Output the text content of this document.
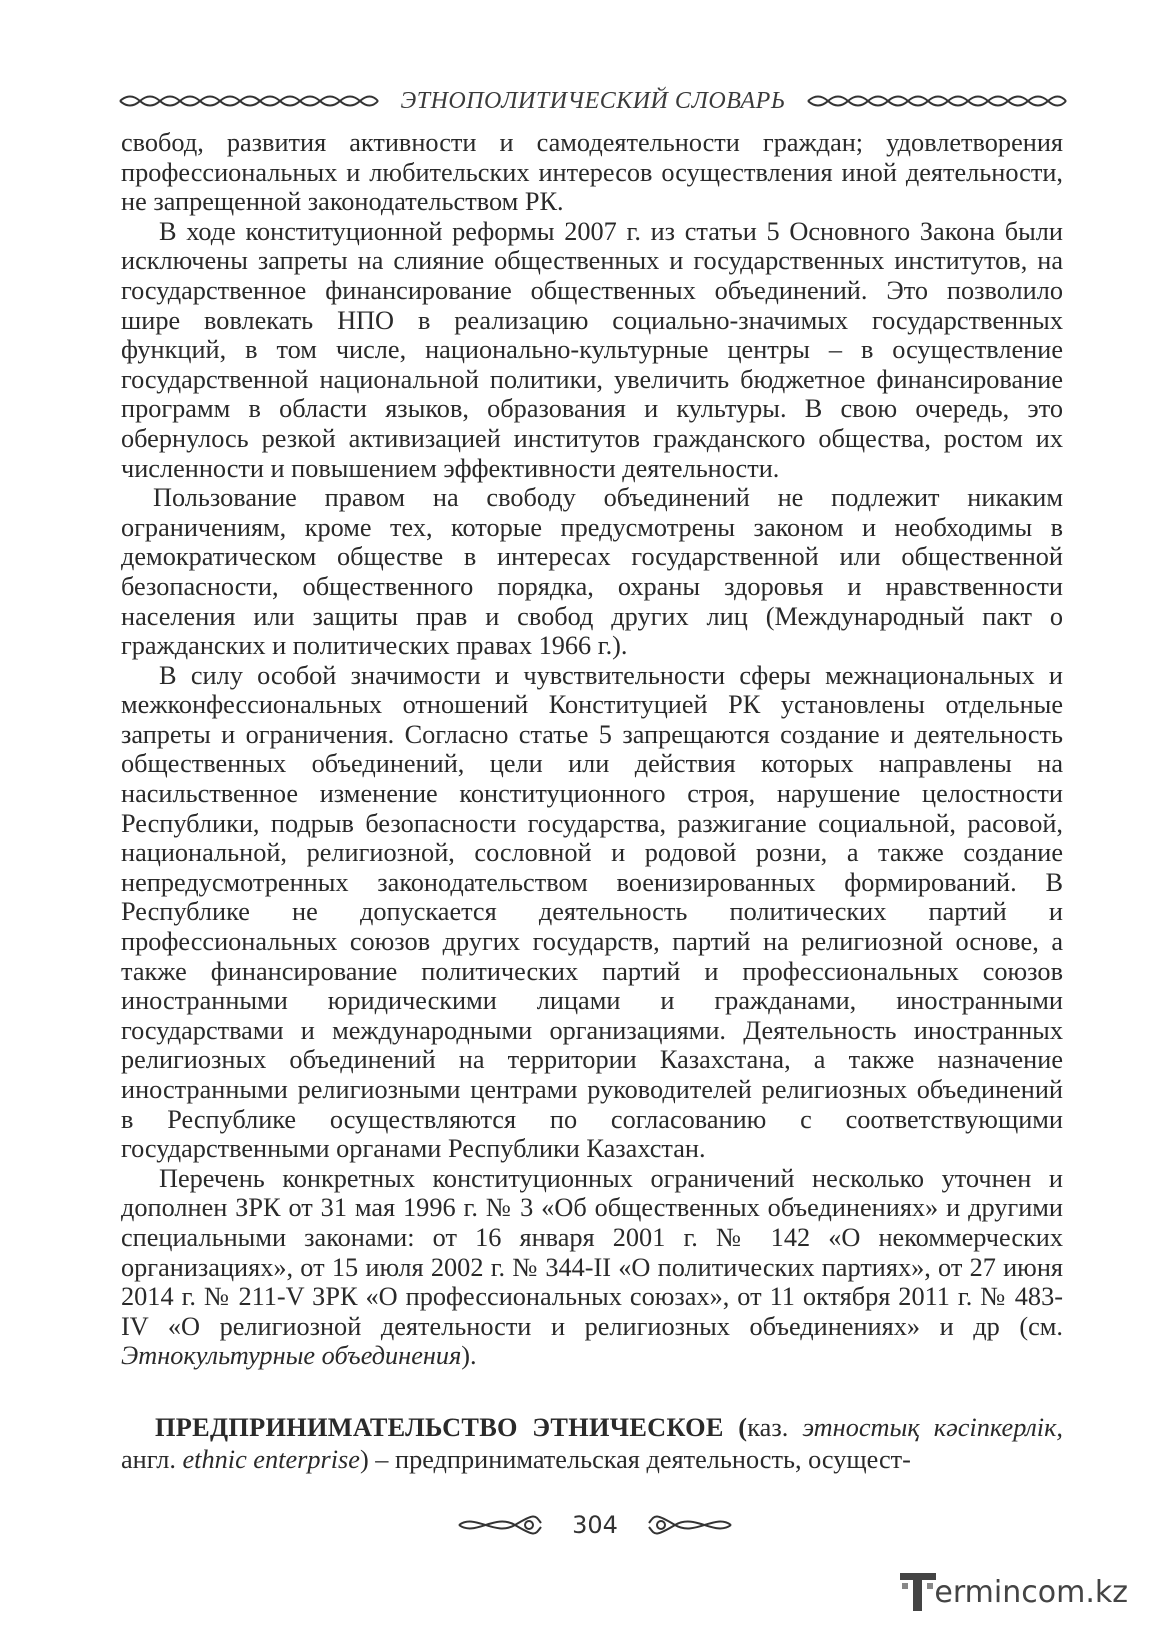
ЭТНОПОЛИТИЧЕСКИЙ СЛОВАРЬ

свобод, развития активности и самодеятельности граждан; удовлетворения профессиональных и любительских интересов осуществления иной деятельности, не запрещенной законодательством РК.

В ходе конституционной реформы 2007 г. из статьи 5 Основного Закона были исключены запреты на слияние общественных и государственных институтов, на государственное финансирование общественных объединений. Это позволило шире вовлекать НПО в реализацию социально-значимых государственных функций, в том числе, национально-культурные центры – в осуществление государственной национальной политики, увеличить бюджетное финансирование программ в области языков, образования и культуры. В свою очередь, это обернулось резкой активизацией институтов гражданского общества, ростом их численности и повышением эффективности деятельности.

Пользование правом на свободу объединений не подлежит никаким ограничениям, кроме тех, которые предусмотрены законом и необходимы в демократическом обществе в интересах государственной или общественной безопасности, общественного порядка, охраны здоровья и нравственности населения или защиты прав и свобод других лиц (Международный пакт о гражданских и политических правах 1966 г.).

В силу особой значимости и чувствительности сферы межнациональных и межконфессиональных отношений Конституцией РК установлены отдельные запреты и ограничения. Согласно статье 5 запрещаются создание и деятельность общественных объединений, цели или действия которых направлены на насильственное изменение конституционного строя, нарушение целостности Республики, подрыв безопасности государства, разжигание социальной, расовой, национальной, религиозной, сословной и родовой розни, а также создание непредусмотренных законодательством военизированных формирований. В Республике не допускается деятельность политических партий и профессиональных союзов других государств, партий на религиозной основе, а также финансирование политических партий и профессиональных союзов иностранными юридическими лицами и гражданами, иностранными государствами и международными организациями. Деятельность иностранных религиозных объединений на территории Казахстана, а также назначение иностранными религиозными центрами руководителей религиозных объединений в Республике осуществляются по согласованию с соответствующими государственными органами Республики Казахстан.

Перечень конкретных конституционных ограничений несколько уточнен и дополнен ЗРК от 31 мая 1996 г. № 3 «Об общественных объединениях» и другими специальными законами: от 16 января 2001 г. № 142 «О некоммерческих организациях», от 15 июля 2002 г. № 344-II «О политических партиях», от 27 июня 2014 г. № 211-V ЗРК «О профессиональных союзах», от 11 октября 2011 г. № 483-IV «О религиозной деятельности и религиозных объединениях» и др (см. Этнокультурные объединения).

ПРЕДПРИНИМАТЕЛЬСТВО ЭТНИЧЕСКОЕ (каз. этностық кәсіпкерлік, англ. ethnic enterprise) – предпринимательская деятельность, осущест-
304
ermincom.kz
